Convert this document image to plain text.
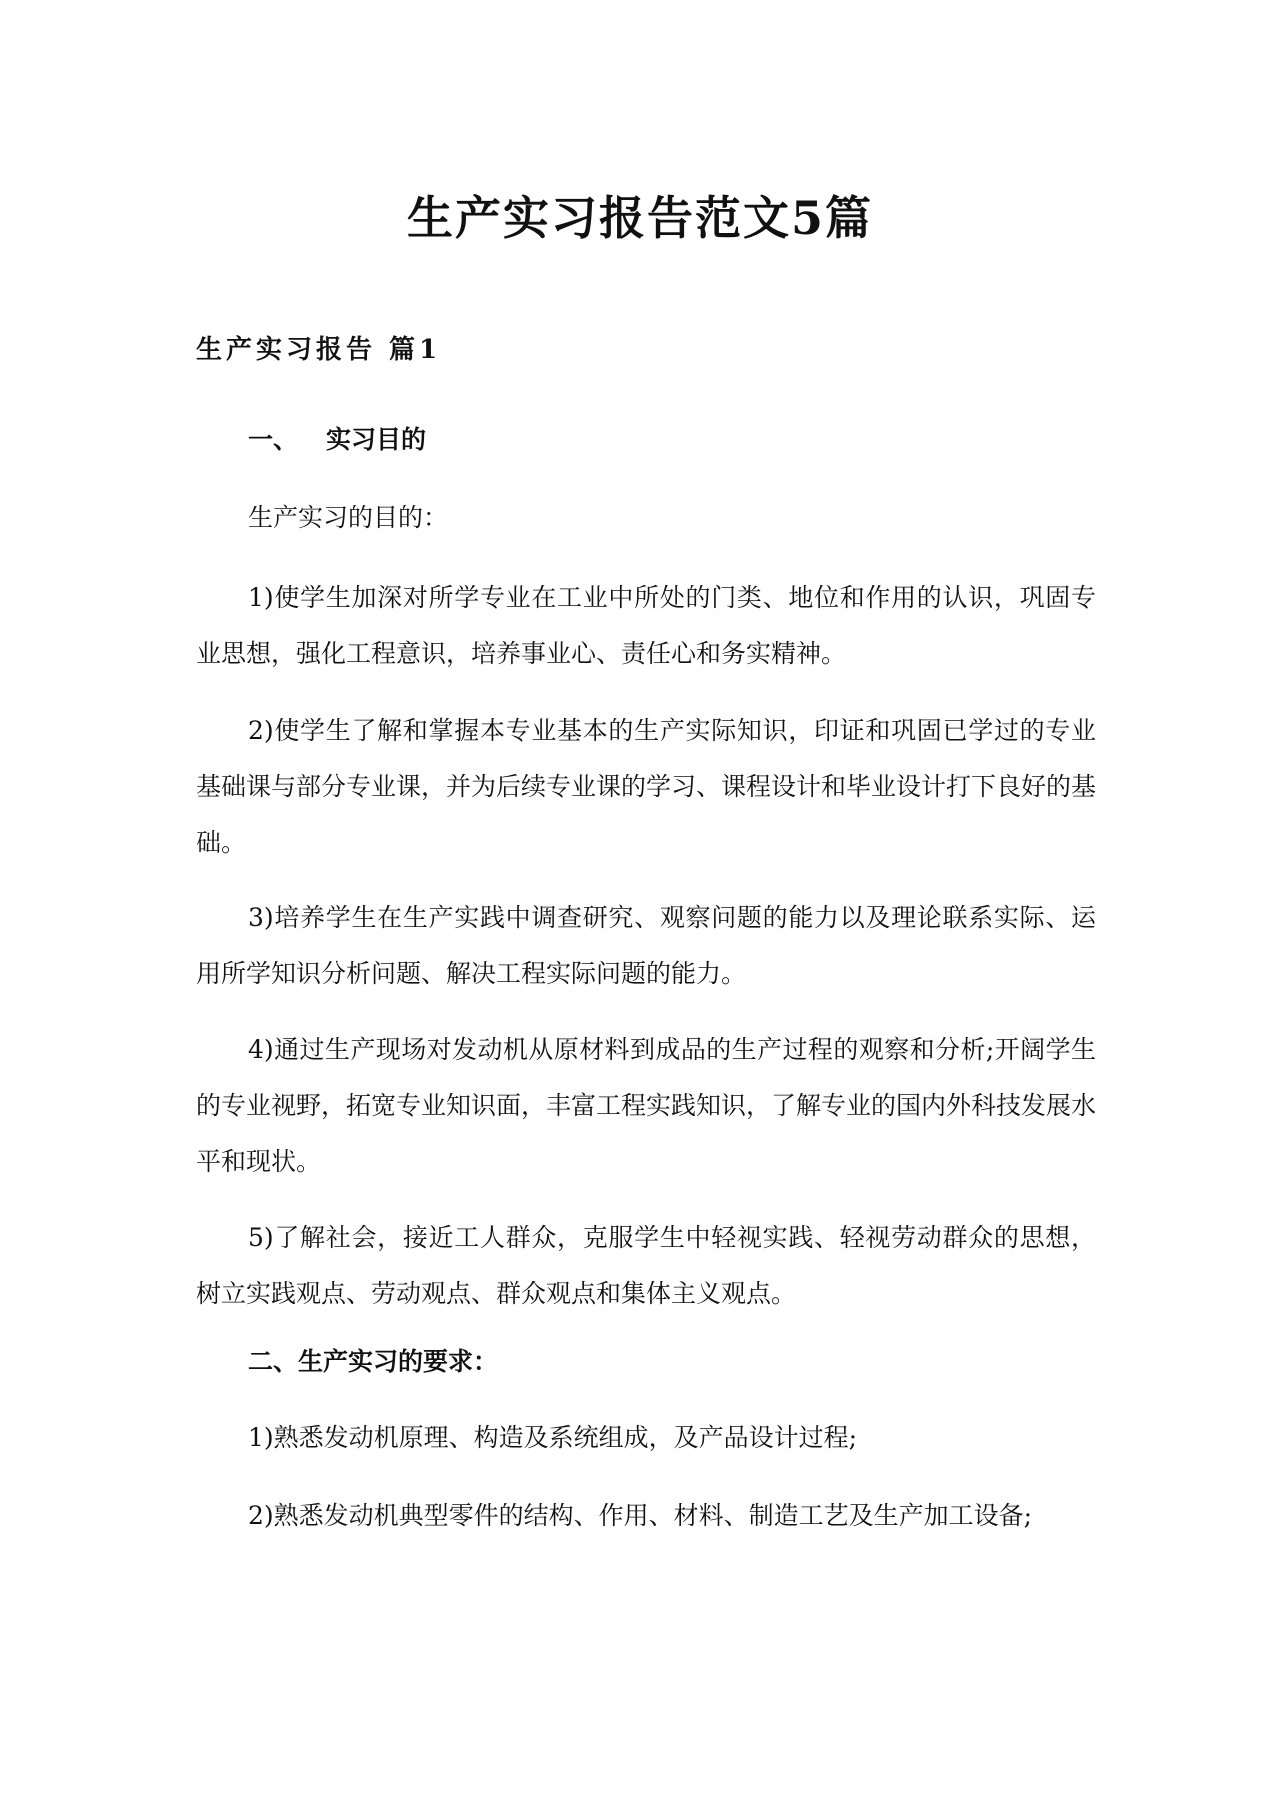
生产实习报告范文5篇
生产实习报告 篇1
一、 实习目的

生产实习的目的：

1)使学生加深对所学专业在工业中所处的门类、地位和作用的认识，巩固专业思想，强化工程意识，培养事业心、责任心和务实精神。

2)使学生了解和掌握本专业基本的生产实际知识，印证和巩固已学过的专业基础课与部分专业课，并为后续专业课的学习、课程设计和毕业设计打下良好的基础。

3)培养学生在生产实践中调查研究、观察问题的能力以及理论联系实际、运用所学知识分析问题、解决工程实际问题的能力。

4)通过生产现场对发动机从原材料到成品的生产过程的观察和分析;开阔学生的专业视野，拓宽专业知识面，丰富工程实践知识，了解专业的国内外科技发展水平和现状。

5)了解社会，接近工人群众，克服学生中轻视实践、轻视劳动群众的思想，树立实践观点、劳动观点、群众观点和集体主义观点。

二、生产实习的要求：

1)熟悉发动机原理、构造及系统组成，及产品设计过程;

2)熟悉发动机典型零件的结构、作用、材料、制造工艺及生产加工设备;
